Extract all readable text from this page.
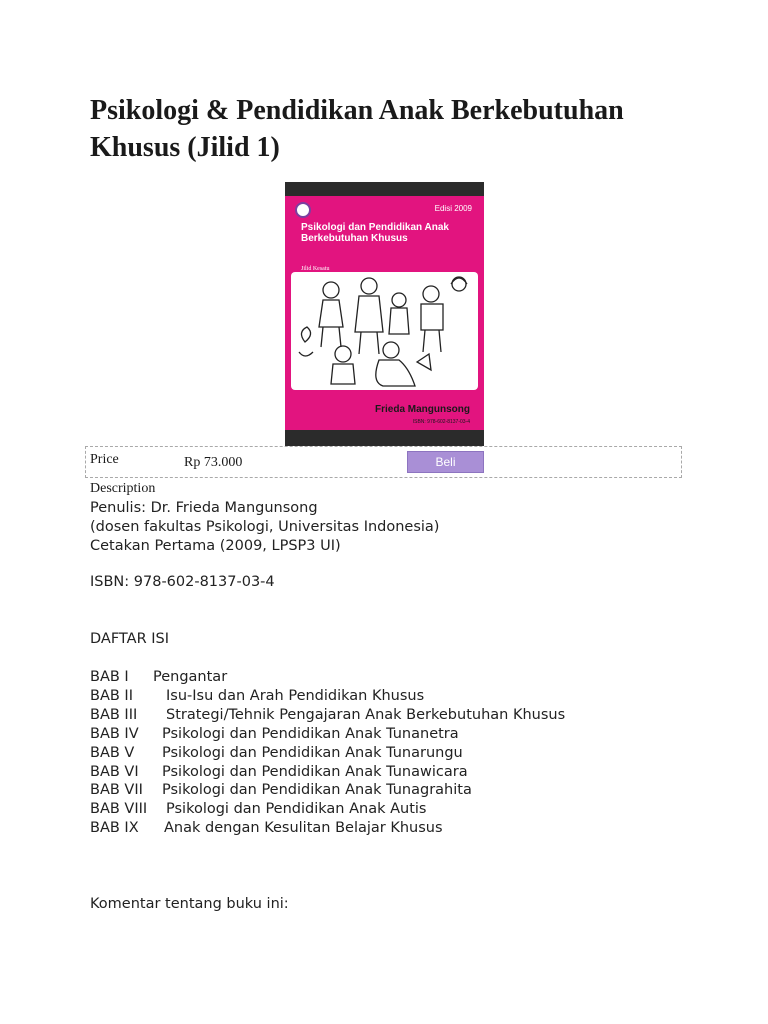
Psikologi & Pendidikan Anak Berkebutuhan Khusus (Jilid 1)
Edisi 2009
Psikologi dan Pendidikan Anak Berkebutuhan Khusus
Jilid Kesatu
Frieda Mangunsong
ISBN: 978-602-8137-03-4
Price	Rp 73.000	Beli
Description
Penulis: Dr. Frieda Mangunsong
(dosen fakultas Psikologi, Universitas Indonesia)
Cetakan Pertama (2009, LPSP3 UI)
ISBN: 978-602-8137-03-4
DAFTAR ISI
BAB I Pengantar
BAB II Isu-Isu dan Arah Pendidikan Khusus
BAB III Strategi/Tehnik Pengajaran Anak Berkebutuhan Khusus
BAB IV Psikologi dan Pendidikan Anak Tunanetra
BAB V Psikologi dan Pendidikan Anak Tunarungu
BAB VI Psikologi dan Pendidikan Anak Tunawicara
BAB VII Psikologi dan Pendidikan Anak Tunagrahita
BAB VIII Psikologi dan Pendidikan Anak Autis
BAB IX Anak dengan Kesulitan Belajar Khusus
Komentar tentang buku ini:
